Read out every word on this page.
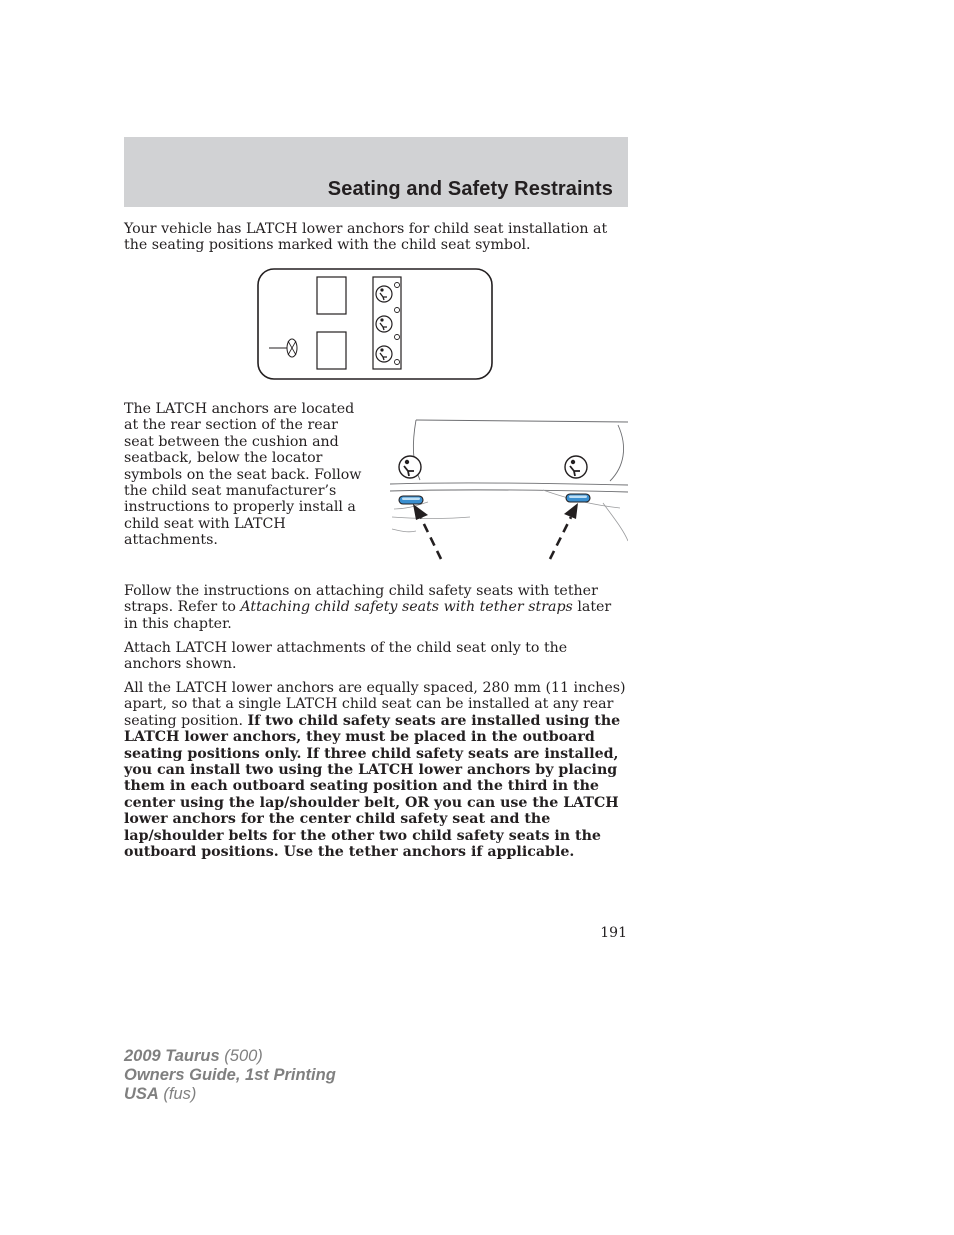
Seating and Safety Restraints

Your vehicle has LATCH lower anchors for child seat installation at the seating positions marked with the child seat symbol.

The LATCH anchors are located at the rear section of the rear seat between the cushion and seatback, below the locator symbols on the seat back. Follow the child seat manufacturer’s instructions to properly install a child seat with LATCH attachments.

Follow the instructions on attaching child safety seats with tether straps. Refer to Attaching child safety seats with tether straps later in this chapter.

Attach LATCH lower attachments of the child seat only to the anchors shown.

All the LATCH lower anchors are equally spaced, 280 mm (11 inches) apart, so that a single LATCH child seat can be installed at any rear seating position. If two child safety seats are installed using the LATCH lower anchors, they must be placed in the outboard seating positions only. If three child safety seats are installed, you can install two using the LATCH lower anchors by placing them in each outboard seating position and the third in the center using the lap/shoulder belt, OR you can use the LATCH lower anchors for the center child safety seat and the lap/shoulder belts for the other two child safety seats in the outboard positions. Use the tether anchors if applicable.

191
2009 Taurus (500)
Owners Guide, 1st Printing
USA (fus)
